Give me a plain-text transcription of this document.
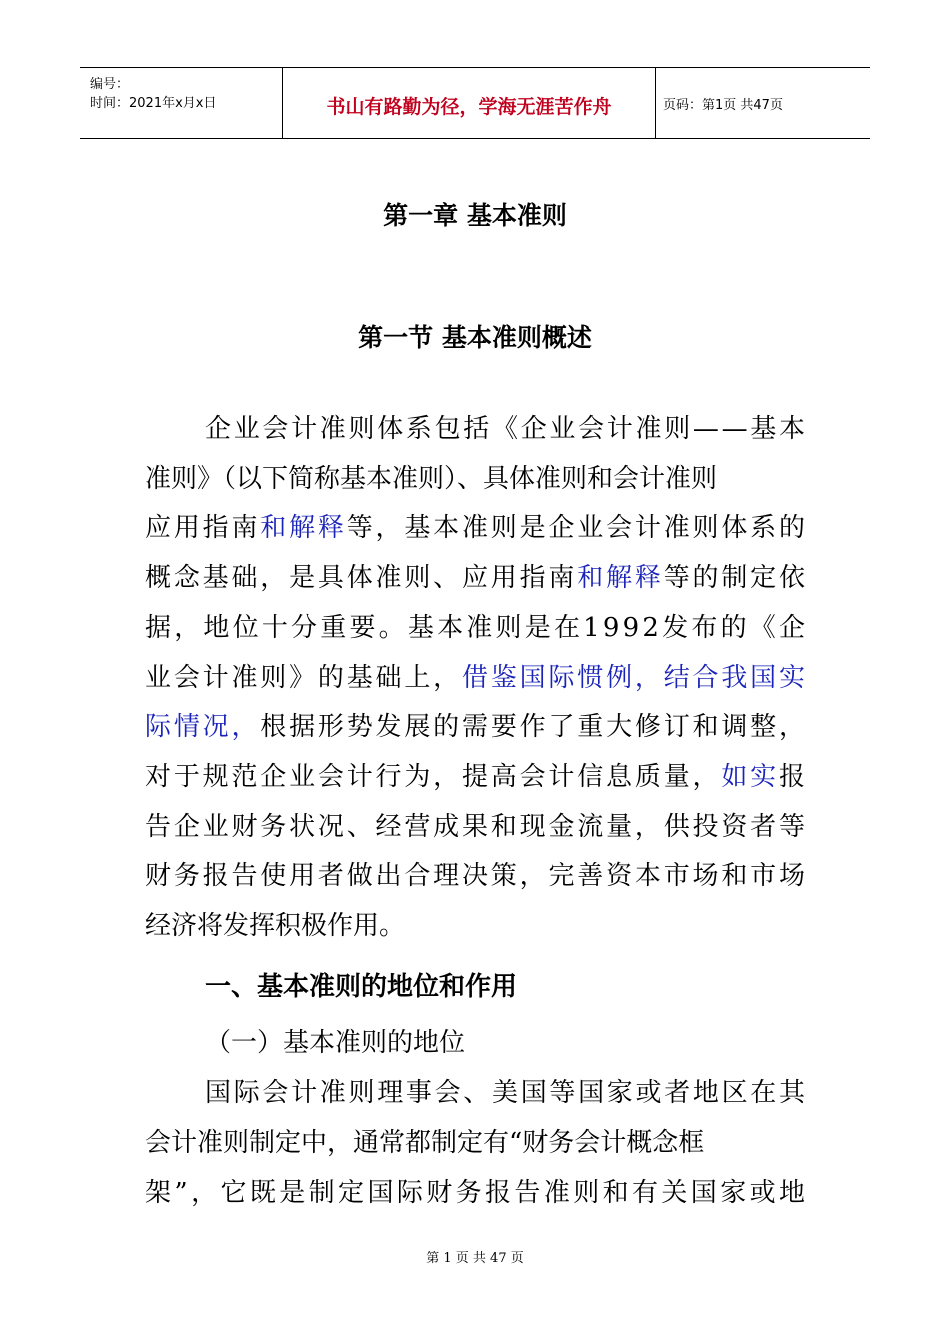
编号：
时间：2021年x月x日	书山有路勤为径，学海无涯苦作舟	页码：第1页 共47页
第一章 基本准则
第一节 基本准则概述
企业会计准则体系包括《企业会计准则——基本
准则》（以下简称基本准则）、具体准则和会计准则
应用指南和解释等，基本准则是企业会计准则体系的
概念基础，是具体准则、应用指南和解释等的制定依
据，地位十分重要。基本准则是在1992发布的《企
业会计准则》的基础上，借鉴国际惯例，结合我国实
际情况，根据形势发展的需要作了重大修订和调整，
对于规范企业会计行为，提高会计信息质量，如实报
告企业财务状况、经营成果和现金流量，供投资者等
财务报告使用者做出合理决策，完善资本市场和市场
经济将发挥积极作用。
一、基本准则的地位和作用
（一）基本准则的地位
国际会计准则理事会、美国等国家或者地区在其
会计准则制定中，通常都制定有“财务会计概念框
架”，它既是制定国际财务报告准则和有关国家或地
第 1 页 共 47 页
